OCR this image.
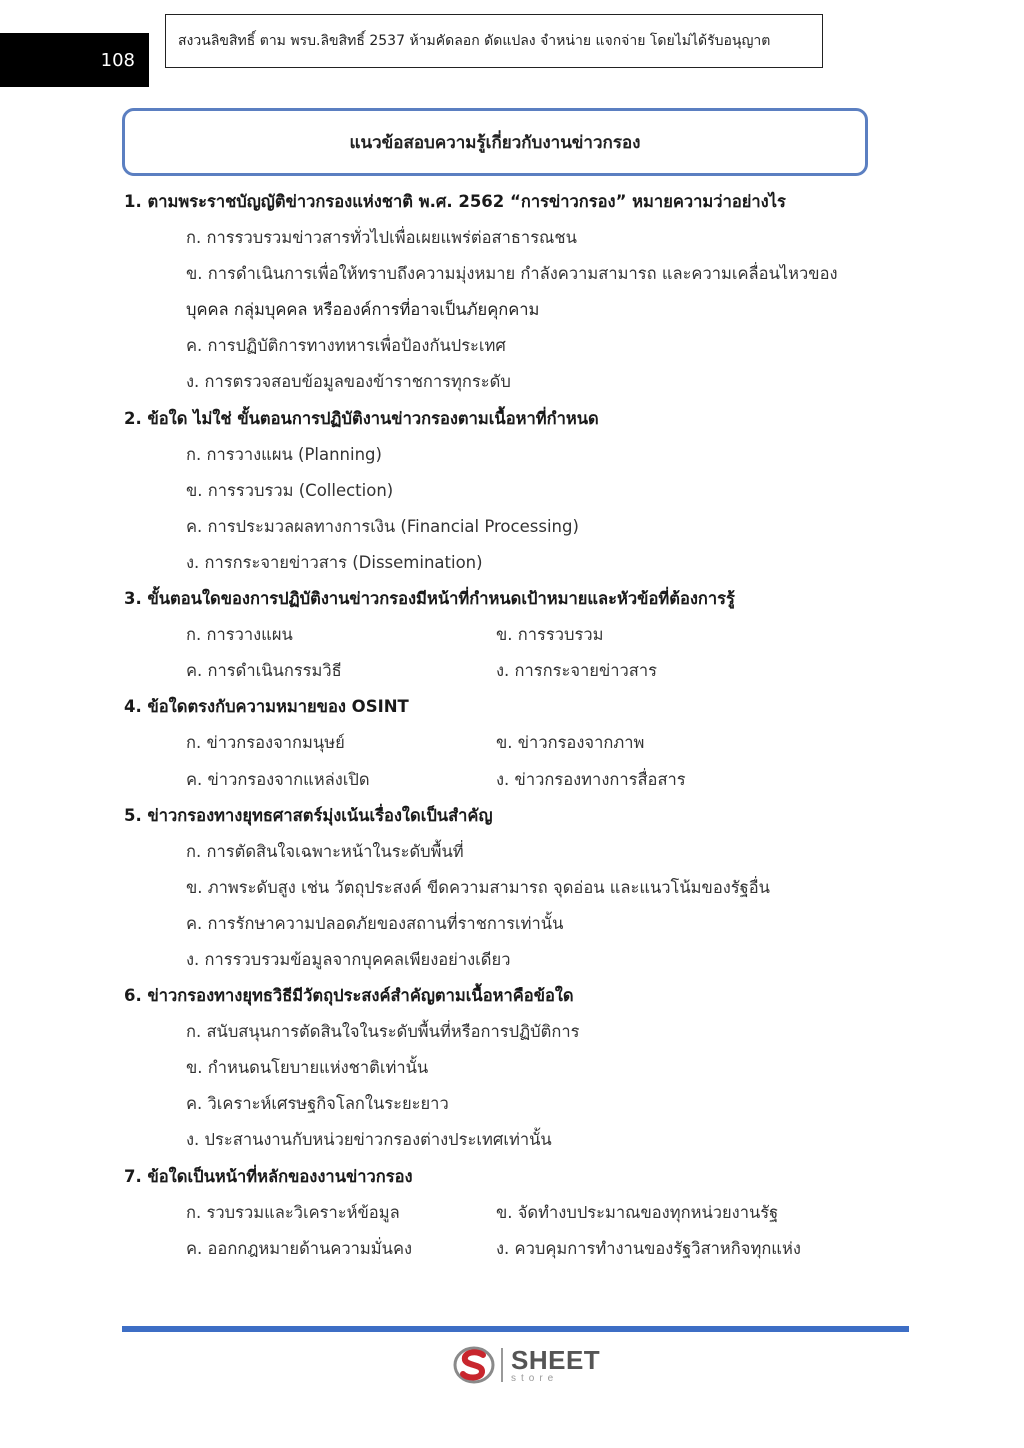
108
สงวนลิขสิทธิ์ ตาม พรบ.ลิขสิทธิ์ 2537 ห้ามคัดลอก ดัดแปลง จำหน่าย แจกจ่าย โดยไม่ได้รับอนุญาต
แนวข้อสอบความรู้เกี่ยวกับงานข่าวกรอง
1. ตามพระราชบัญญัติข่าวกรองแห่งชาติ พ.ศ. 2562 “การข่าวกรอง” หมายความว่าอย่างไร
ก. การรวบรวมข่าวสารทั่วไปเพื่อเผยแพร่ต่อสาธารณชน
ข. การดำเนินการเพื่อให้ทราบถึงความมุ่งหมาย กำลังความสามารถ และความเคลื่อนไหวของ
บุคคล กลุ่มบุคคล หรือองค์การที่อาจเป็นภัยคุกคาม
ค. การปฏิบัติการทางทหารเพื่อป้องกันประเทศ
ง. การตรวจสอบข้อมูลของข้าราชการทุกระดับ
2. ข้อใด ไม่ใช่ ขั้นตอนการปฏิบัติงานข่าวกรองตามเนื้อหาที่กำหนด
ก. การวางแผน (Planning)
ข. การรวบรวม (Collection)
ค. การประมวลผลทางการเงิน (Financial Processing)
ง. การกระจายข่าวสาร (Dissemination)
3. ขั้นตอนใดของการปฏิบัติงานข่าวกรองมีหน้าที่กำหนดเป้าหมายและหัวข้อที่ต้องการรู้
ก. การวางแผน	ข. การรวบรวม
ค. การดำเนินกรรมวิธี	ง. การกระจายข่าวสาร
4. ข้อใดตรงกับความหมายของ OSINT
ก. ข่าวกรองจากมนุษย์	ข. ข่าวกรองจากภาพ
ค. ข่าวกรองจากแหล่งเปิด	ง. ข่าวกรองทางการสื่อสาร
5. ข่าวกรองทางยุทธศาสตร์มุ่งเน้นเรื่องใดเป็นสำคัญ
ก. การตัดสินใจเฉพาะหน้าในระดับพื้นที่
ข. ภาพระดับสูง เช่น วัตถุประสงค์ ขีดความสามารถ จุดอ่อน และแนวโน้มของรัฐอื่น
ค. การรักษาความปลอดภัยของสถานที่ราชการเท่านั้น
ง. การรวบรวมข้อมูลจากบุคคลเพียงอย่างเดียว
6. ข่าวกรองทางยุทธวิธีมีวัตถุประสงค์สำคัญตามเนื้อหาคือข้อใด
ก. สนับสนุนการตัดสินใจในระดับพื้นที่หรือการปฏิบัติการ
ข. กำหนดนโยบายแห่งชาติเท่านั้น
ค. วิเคราะห์เศรษฐกิจโลกในระยะยาว
ง. ประสานงานกับหน่วยข่าวกรองต่างประเทศเท่านั้น
7. ข้อใดเป็นหน้าที่หลักของงานข่าวกรอง
ก. รวบรวมและวิเคราะห์ข้อมูล	ข. จัดทำงบประมาณของทุกหน่วยงานรัฐ
ค. ออกกฎหมายด้านความมั่นคง	ง. ควบคุมการทำงานของรัฐวิสาหกิจทุกแห่ง
SHEET
store
